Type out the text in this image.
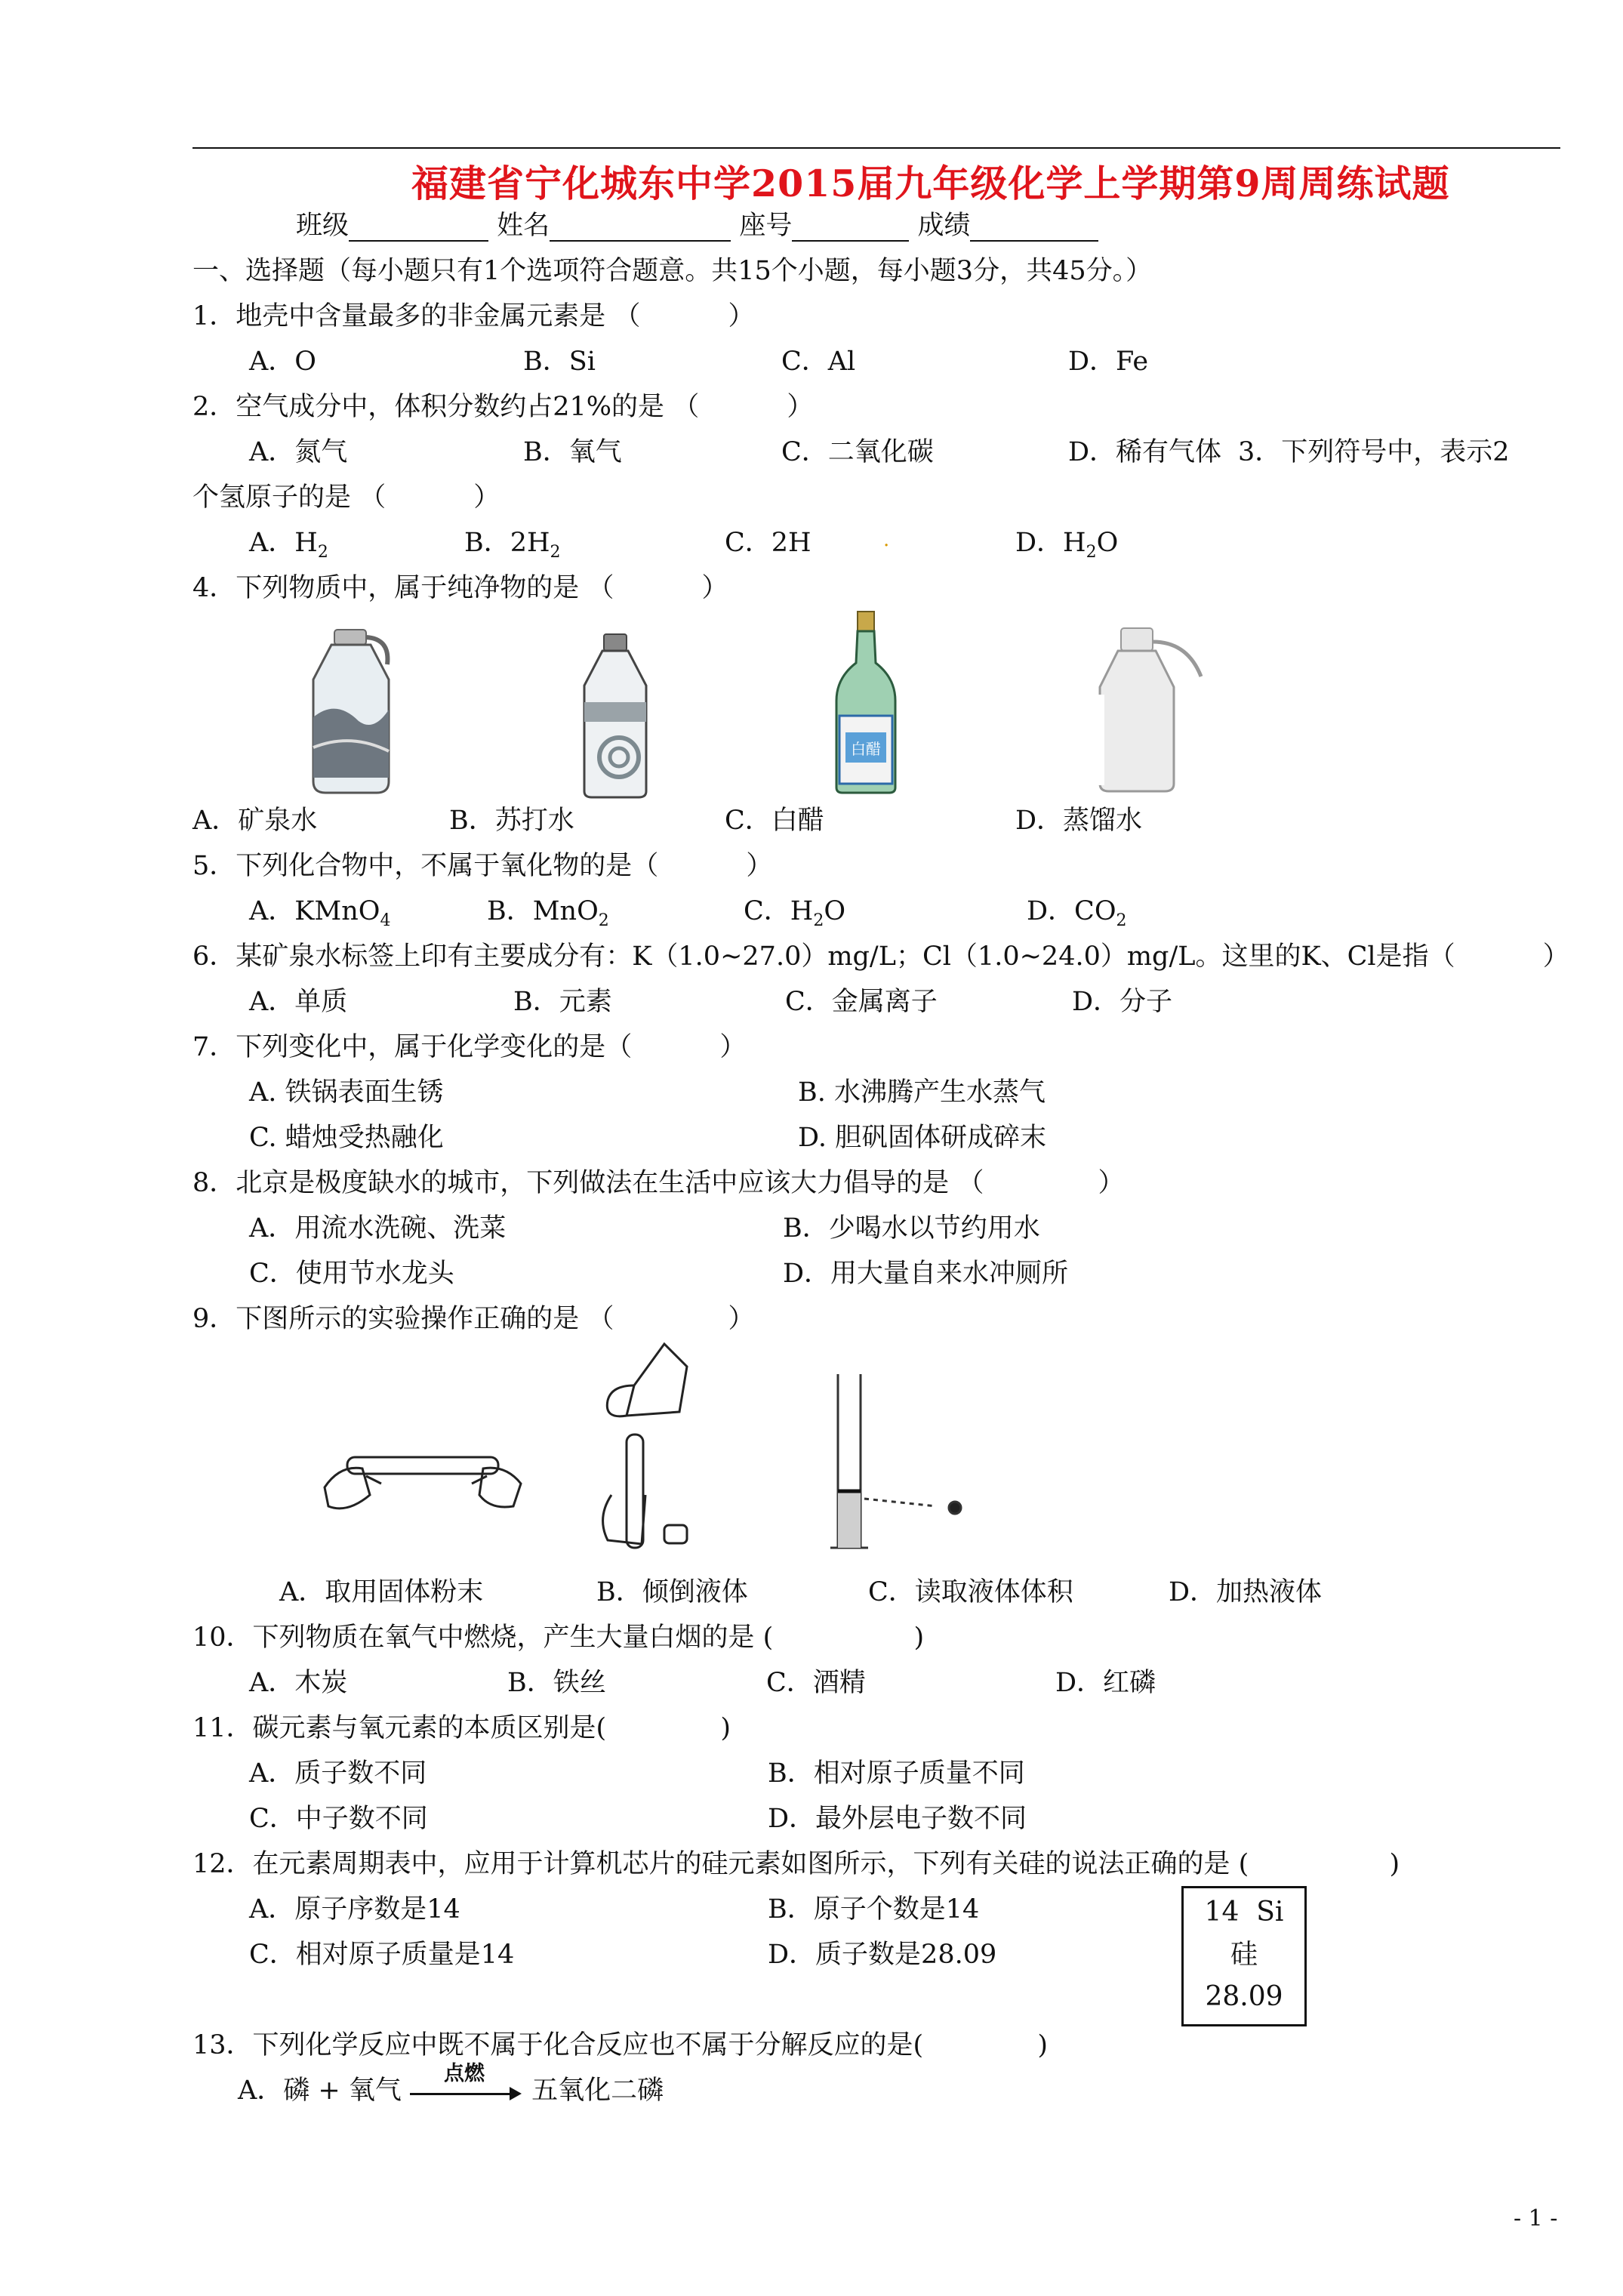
福建省宁化城东中学2015届九年级化学上学期第9周周练试题
班级	姓名	座号	成绩
一、选择题（每小题只有1个选项符合题意。共15个小题，每小题3分，共45分。）
1．地壳中含量最多的非金属元素是 （　　　 ）
A．O	B．Si	C．Al	D．Fe
2．空气成分中，体积分数约占21%的是 （　　　 ）
A．氮气	B．氧气	C．二氧化碳	D．稀有气体 3．下列符号中，表示2
个氢原子的是 （　　　 ）
A．$H_2$	B．$2H_2$	C．2H	.	D．$H_2O$
4．下列物质中，属于纯净物的是 （　　　 ）
白醋
A．矿泉水	B．苏打水	C．白醋	D．蒸馏水
5．下列化合物中，不属于氧化物的是（　　　 ）
A．KMnO$_4$	B．MnO$_2$	C．$H_2O$	D．$CO_2$
6．某矿泉水标签上印有主要成分有：K（1.0~27.0）mg/L；Cl（1.0~24.0）mg/L。这里的K、Cl是指（　　　 ）
A．单质	B．元素	C．金属离子	D．分子
7．下列变化中，属于化学变化的是（　　　 ）
A. 铁锅表面生锈	B. 水沸腾产生水蒸气
C. 蜡烛受热融化	D. 胆矾固体研成碎末
8．北京是极度缺水的城市，下列做法在生活中应该大力倡导的是 （　　　　 ）
A．用流水洗碗、洗菜	B．少喝水以节约用水
C．使用节水龙头	D．用大量自来水冲厕所
9．下图所示的实验操作正确的是 （　　　　 ）
A．取用固体粉末	B．倾倒液体	C．读取液体体积	D．加热液体
10．下列物质在氧气中燃烧，产生大量白烟的是 (　　　　　 )
A．木炭	B．铁丝	C．酒精	D．红磷
11．碳元素与氧元素的本质区别是(　　　　 )
A．质子数不同	B．相对原子质量不同
C．中子数不同	D．最外层电子数不同
12．在元素周期表中，应用于计算机芯片的硅元素如图所示，下列有关硅的说法正确的是 (　　　　　 )
A．原子序数是14	B．原子个数是14
C．相对原子质量是14	D．质子数是28.09
14 Si
硅
28.09
13．下列化学反应中既不属于化合反应也不属于分解反应的是(　　　　 )
A．磷 + 氧气
点燃
五氧化二磷
- 1 -
